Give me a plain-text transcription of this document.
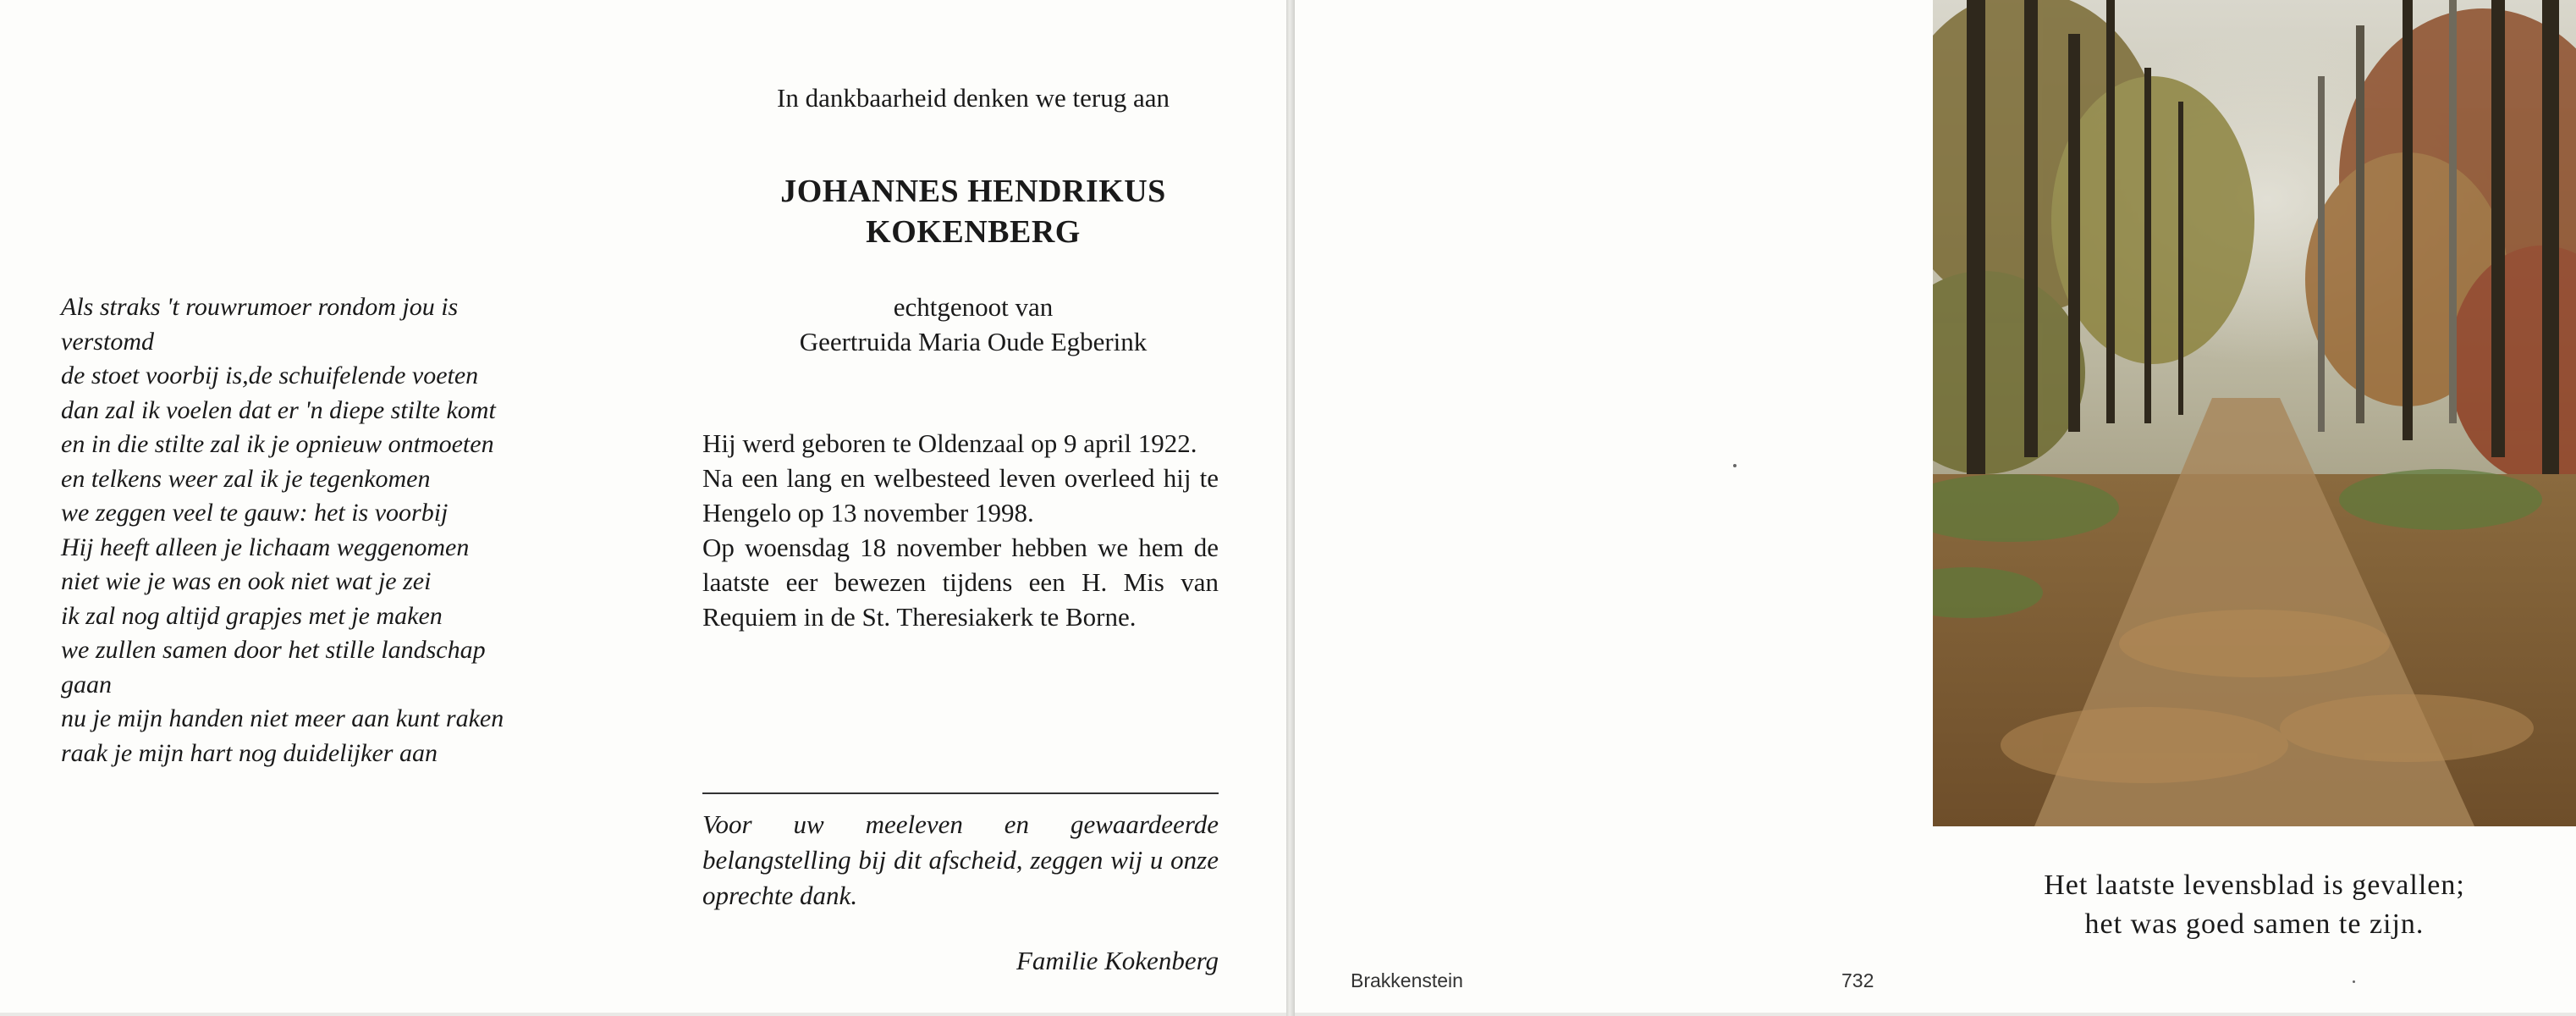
Als straks 't rouwrumoer rondom jou is
verstomd
de stoet voorbij is,de schuifelende voeten
dan zal ik voelen dat er 'n diepe stilte komt
en in die stilte zal ik je opnieuw ontmoeten
en telkens weer zal ik je tegenkomen
we zeggen veel te gauw: het is voorbij
Hij heeft alleen je lichaam weggenomen
niet wie je was en ook niet wat je zei
ik zal nog altijd grapjes met je maken
we zullen samen door het stille landschap
gaan
nu je mijn handen niet meer aan kunt raken
raak je mijn hart nog duidelijker aan
In dankbaarheid denken we terug aan
JOHANNES HENDRIKUS
KOKENBERG
echtgenoot van
Geertruida Maria Oude Egberink

Hij werd geboren te Oldenzaal op 9 april 1922.

Na een lang en welbesteed leven overleed hij te Hengelo op 13 november 1998.

Op woensdag 18 november hebben we hem de laatste eer bewezen tijdens een H. Mis van Requiem in de St. Theresiakerk te Borne.

Voor uw meeleven en gewaardeerde belangstelling bij dit afscheid, zeggen wij u onze oprechte dank.
Familie Kokenberg
Brakkenstein	732
Het laatste levensblad is gevallen;
het was goed samen te zijn.
